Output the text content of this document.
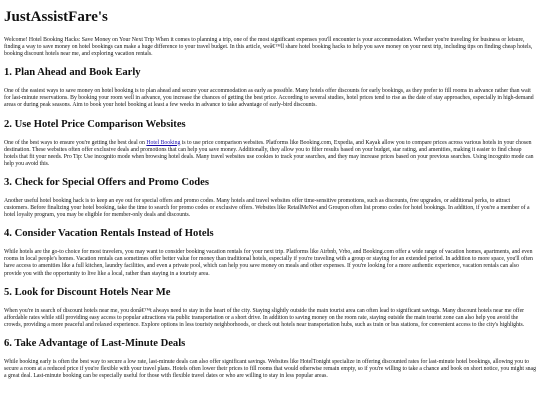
JustAssistFare's

Welcome! Hotel Booking Hacks: Save Money on Your Next Trip When it comes to planning a trip, one of the most significant expenses you'll encounter is your accommodation. Whether you're traveling for business or leisure, finding a way to save money on hotel bookings can make a huge difference to your travel budget. In this article, weâ€™ll share hotel booking hacks to help you save money on your next trip, including tips on finding cheap hotels, booking discount hotels near me, and exploring vacation rentals.

1. Plan Ahead and Book Early

One of the easiest ways to save money on hotel booking is to plan ahead and secure your accommodation as early as possible. Many hotels offer discounts for early bookings, as they prefer to fill rooms in advance rather than wait for last-minute reservations. By booking your room well in advance, you increase the chances of getting the best price. According to several studies, hotel prices tend to rise as the date of stay approaches, especially in high-demand areas or during peak seasons. Aim to book your hotel booking at least a few weeks in advance to take advantage of early-bird discounts.

2. Use Hotel Price Comparison Websites

One of the best ways to ensure you're getting the best deal on Hotel Booking is to use price comparison websites. Platforms like Booking.com, Expedia, and Kayak allow you to compare prices across various hotels in your chosen destination. These websites often offer exclusive deals and promotions that can help you save money. Additionally, they allow you to filter results based on your budget, star rating, and amenities, making it easier to find cheap hotels that fit your needs. Pro Tip: Use incognito mode when browsing hotel deals. Many travel websites use cookies to track your searches, and they may increase prices based on your previous searches. Using incognito mode can help you avoid this.

3. Check for Special Offers and Promo Codes

Another useful hotel booking hack is to keep an eye out for special offers and promo codes. Many hotels and travel websites offer time-sensitive promotions, such as discounts, free upgrades, or additional perks, to attract customers. Before finalizing your hotel booking, take the time to search for promo codes or exclusive offers. Websites like RetailMeNot and Groupon often list promo codes for hotel bookings. In addition, if you're a member of a hotel loyalty program, you may be eligible for member-only deals and discounts.

4. Consider Vacation Rentals Instead of Hotels

While hotels are the go-to choice for most travelers, you may want to consider booking vacation rentals for your next trip. Platforms like Airbnb, Vrbo, and Booking.com offer a wide range of vacation homes, apartments, and even rooms in local people's homes. Vacation rentals can sometimes offer better value for money than traditional hotels, especially if you're traveling with a group or staying for an extended period. In addition to more space, you'll often have access to amenities like a full kitchen, laundry facilities, and even a private pool, which can help you save money on meals and other expenses. If you're looking for a more authentic experience, vacation rentals can also provide you with the opportunity to live like a local, rather than staying in a touristy area.

5. Look for Discount Hotels Near Me

When you're in search of discount hotels near me, you donâ€™t always need to stay in the heart of the city. Staying slightly outside the main tourist area can often lead to significant savings. Many discount hotels near me offer affordable rates while still providing easy access to popular attractions via public transportation or a short drive. In addition to saving money on the room rate, staying outside the main tourist zone can also help you avoid the crowds, providing a more peaceful and relaxed experience. Explore options in less touristy neighborhoods, or check out hotels near transportation hubs, such as train or bus stations, for convenient access to the city's highlights.

6. Take Advantage of Last-Minute Deals

While booking early is often the best way to secure a low rate, last-minute deals can also offer significant savings. Websites like HotelTonight specialize in offering discounted rates for last-minute hotel bookings, allowing you to secure a room at a reduced price if you're flexible with your travel plans. Hotels often lower their prices to fill rooms that would otherwise remain empty, so if you're willing to take a chance and book on short notice, you might snag a great deal. Last-minute booking can be especially useful for those with flexible travel dates or who are willing to stay in less popular areas.
